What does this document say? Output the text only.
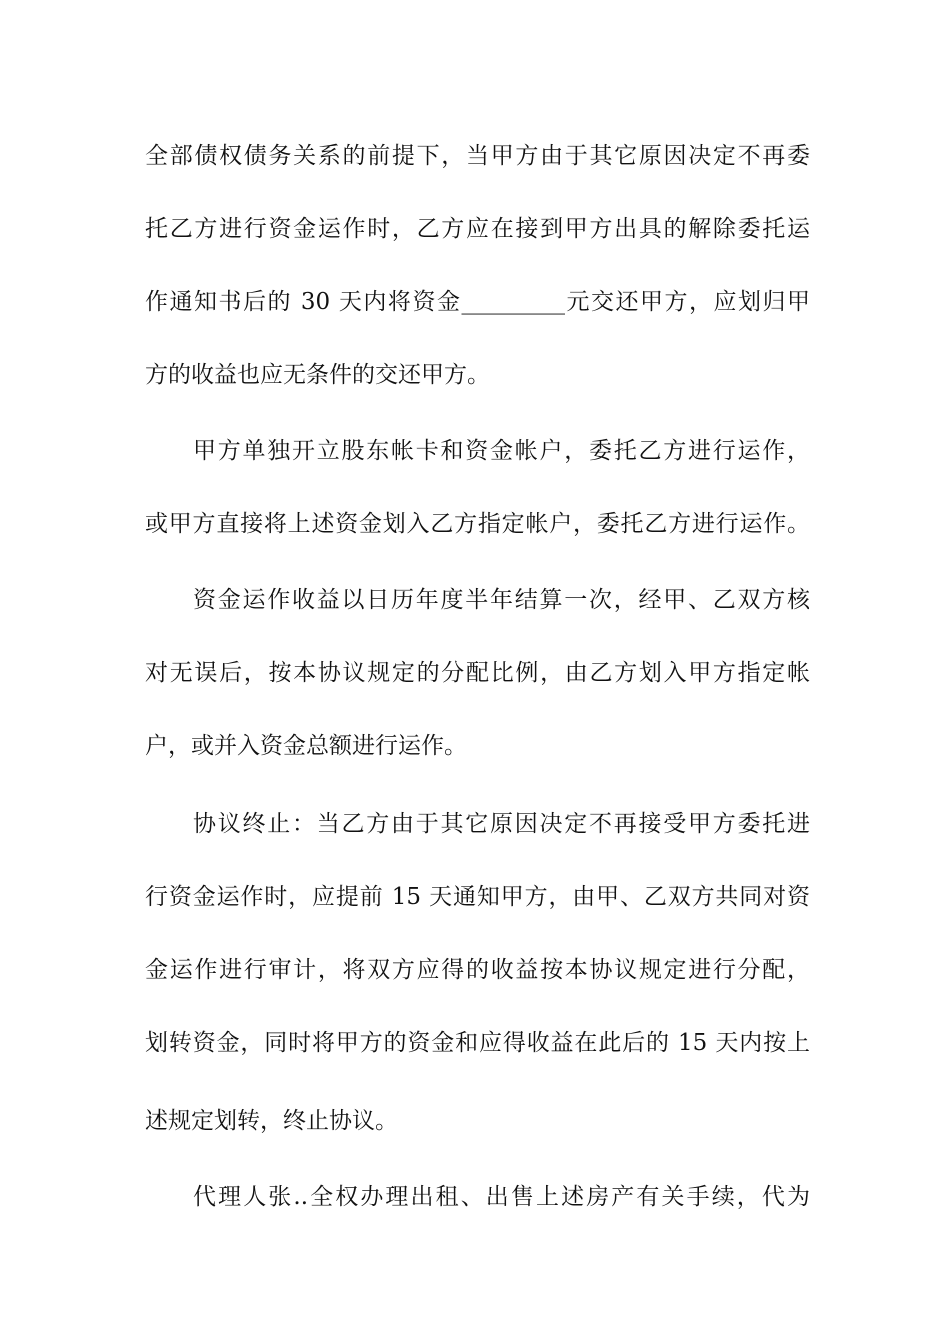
全部债权债务关系的前提下，当甲方由于其它原因决定不再委
托乙方进行资金运作时，乙方应在接到甲方出具的解除委托运
作通知书后的 30 天内将资金_________元交还甲方，应划归甲
方的收益也应无条件的交还甲方。
甲方单独开立股东帐卡和资金帐户，委托乙方进行运作，
或甲方直接将上述资金划入乙方指定帐户，委托乙方进行运作。
资金运作收益以日历年度半年结算一次，经甲、乙双方核
对无误后，按本协议规定的分配比例，由乙方划入甲方指定帐
户，或并入资金总额进行运作。
协议终止：当乙方由于其它原因决定不再接受甲方委托进
行资金运作时，应提前 15 天通知甲方，由甲、乙双方共同对资
金运作进行审计，将双方应得的收益按本协议规定进行分配，
划转资金，同时将甲方的资金和应得收益在此后的 15 天内按上
述规定划转，终止协议。
代理人张..全权办理出租、出售上述房产有关手续，代为
